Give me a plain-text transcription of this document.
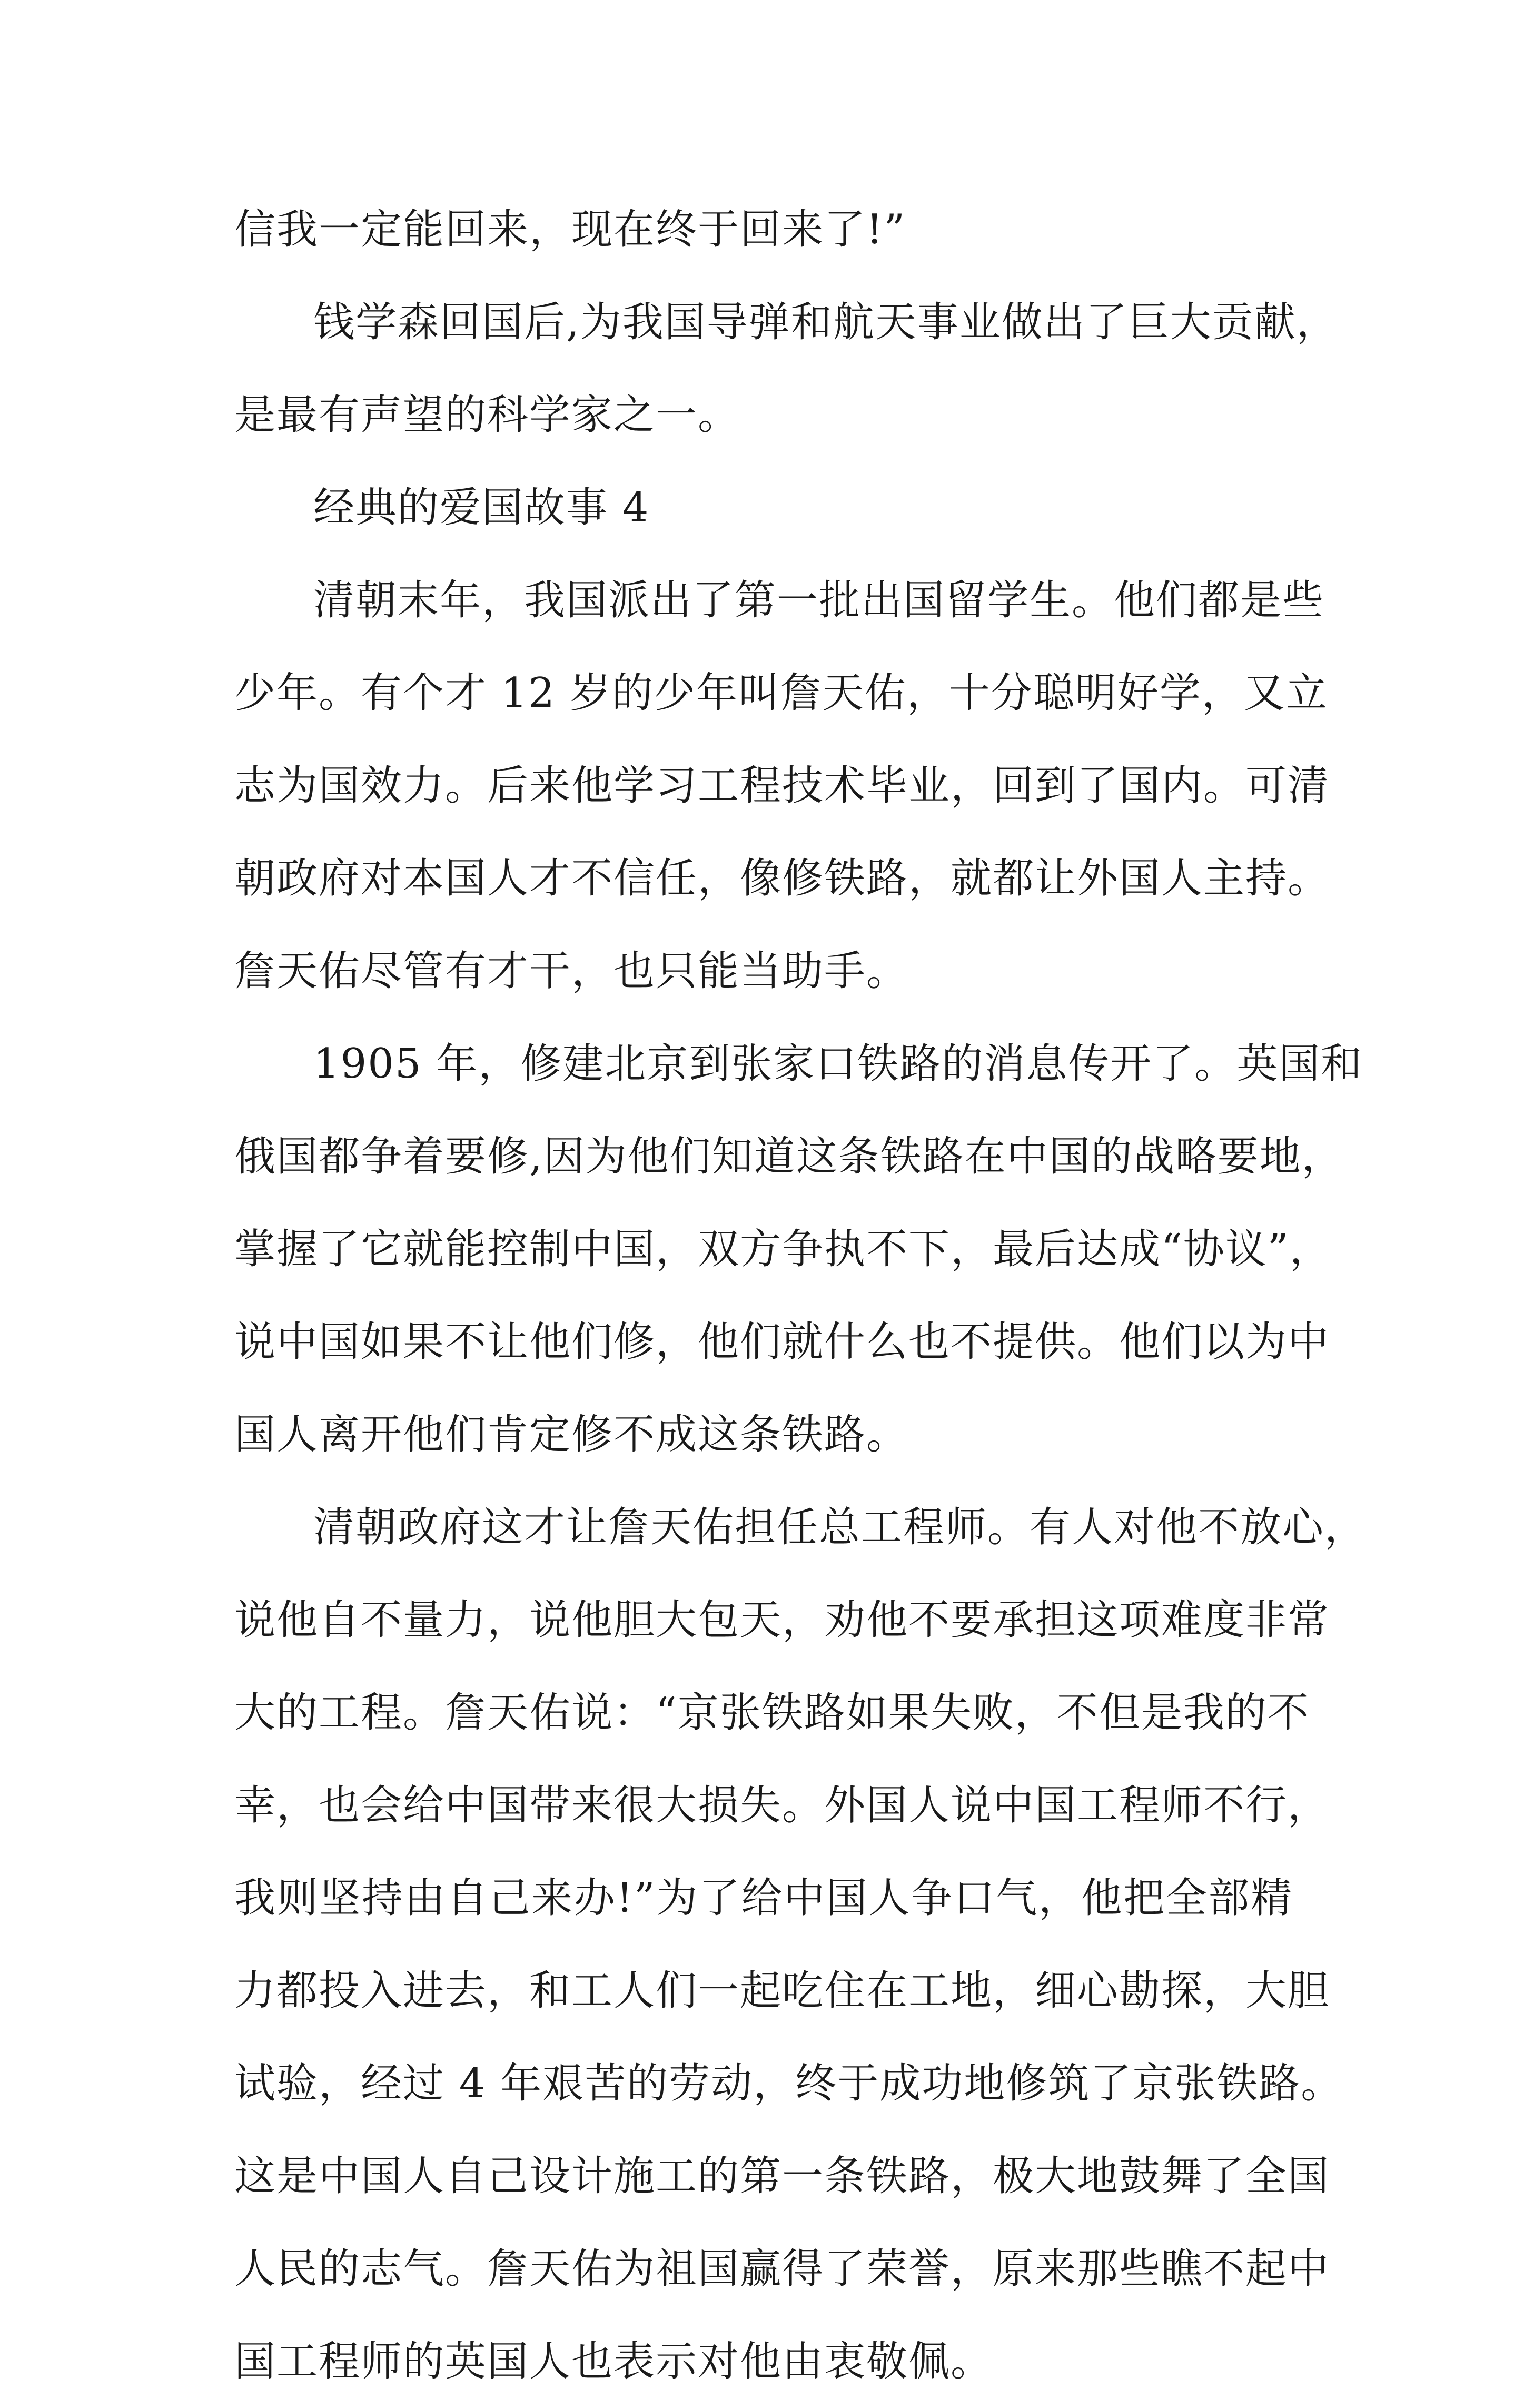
信我一定能回来，现在终于回来了!”
钱学森回国后,为我国导弹和航天事业做出了巨大贡献，
是最有声望的科学家之一。
经典的爱国故事 4
清朝末年，我国派出了第一批出国留学生。他们都是些
少年。有个才 12 岁的少年叫詹天佑，十分聪明好学，又立
志为国效力。后来他学习工程技术毕业，回到了国内。可清
朝政府对本国人才不信任，像修铁路，就都让外国人主持。
詹天佑尽管有才干，也只能当助手。
1905 年，修建北京到张家口铁路的消息传开了。英国和
俄国都争着要修,因为他们知道这条铁路在中国的战略要地，
掌握了它就能控制中国，双方争执不下，最后达成“协议”，
说中国如果不让他们修，他们就什么也不提供。他们以为中
国人离开他们肯定修不成这条铁路。
清朝政府这才让詹天佑担任总工程师。有人对他不放心，
说他自不量力，说他胆大包天，劝他不要承担这项难度非常
大的工程。詹天佑说：“京张铁路如果失败，不但是我的不
幸，也会给中国带来很大损失。外国人说中国工程师不行，
我则坚持由自己来办!”为了给中国人争口气，他把全部精
力都投入进去，和工人们一起吃住在工地，细心勘探，大胆
试验，经过 4 年艰苦的劳动，终于成功地修筑了京张铁路。
这是中国人自己设计施工的第一条铁路，极大地鼓舞了全国
人民的志气。詹天佑为祖国赢得了荣誉，原来那些瞧不起中
国工程师的英国人也表示对他由衷敬佩。
